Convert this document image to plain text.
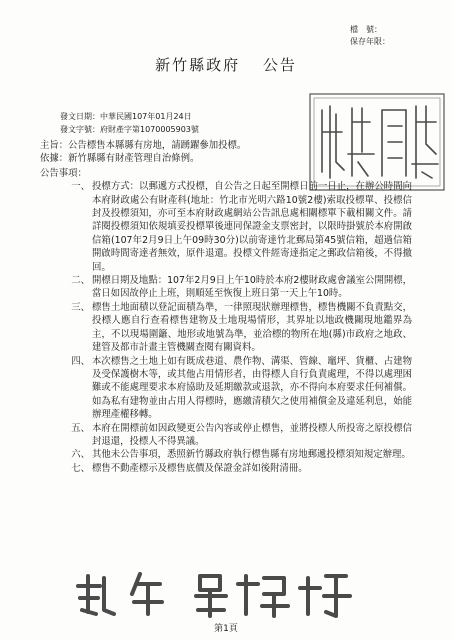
檔　號：
保存年限：
新竹縣政府 公告
發文日期：中華民國107年01月24日
發文字號：府財產字第1070005903號
主旨： 公告標售本縣縣有房地，請踴躍參加投標。
依據： 新竹縣縣有財產管理自治條例。
公告事項：
一、 投標方式：以郵遞方式投標，自公告之日起至開標日前一日止，在辦公時間向本府財政處公有財產科(地址：竹北市光明六路10號2樓)索取投標單、投標信封及投標須知，亦可至本府財政處網站公告訊息處相關標單下載相關文件。請詳閱投標須知依規填妥投標單後連同保證金支票密封，以限時掛號於本府開啟信箱(107年2月9日上午09時30分)以前寄達竹北郵局第45號信箱，超過信箱開啟時間寄達者無效，原件退還。投標文件經寄達指定之郵政信箱後，不得撤回。
二、 開標日期及地點：107年2月9日上午10時於本府2樓財政處會議室公開開標，當日如因故停止上班，則順延至恢復上班日第一天上午10時。
三、 標售土地面積以登記面積為準，一律照現狀辦理標售，標售機關不負責點交，投標人應自行查看標售建物及土地現場情形，其界址以地政機關現地鑑界為主，不以現場圍籬、地形或地號為準，並洽標的物所在地(縣)市政府之地政、建管及都市計畫主管機關查閱有關資料。
四、 本次標售之土地上如有既成巷道、農作物、溝渠、管線、竈坪、貨櫃、占建物及受保護樹木等，或其他占用情形者，由得標人自行負責處理，不得以處理困難或不能處理要求本府協助及延期繳款或退款，亦不得向本府要求任何補償。如為私有建物並由占用人得標時，應繳清積欠之使用補償金及違延利息，始能辦理產權移轉。
五、 本府在開標前如因政變更公告內容或停止標售，並將投標人所投寄之原投標信封退還，投標人不得異議。
六、 其他未公告事項，悉照新竹縣政府執行標售縣有房地郵遞投標須知規定辦理。
七、 標售不動產標示及標售底價及保證金詳如後附清冊。
第1頁
